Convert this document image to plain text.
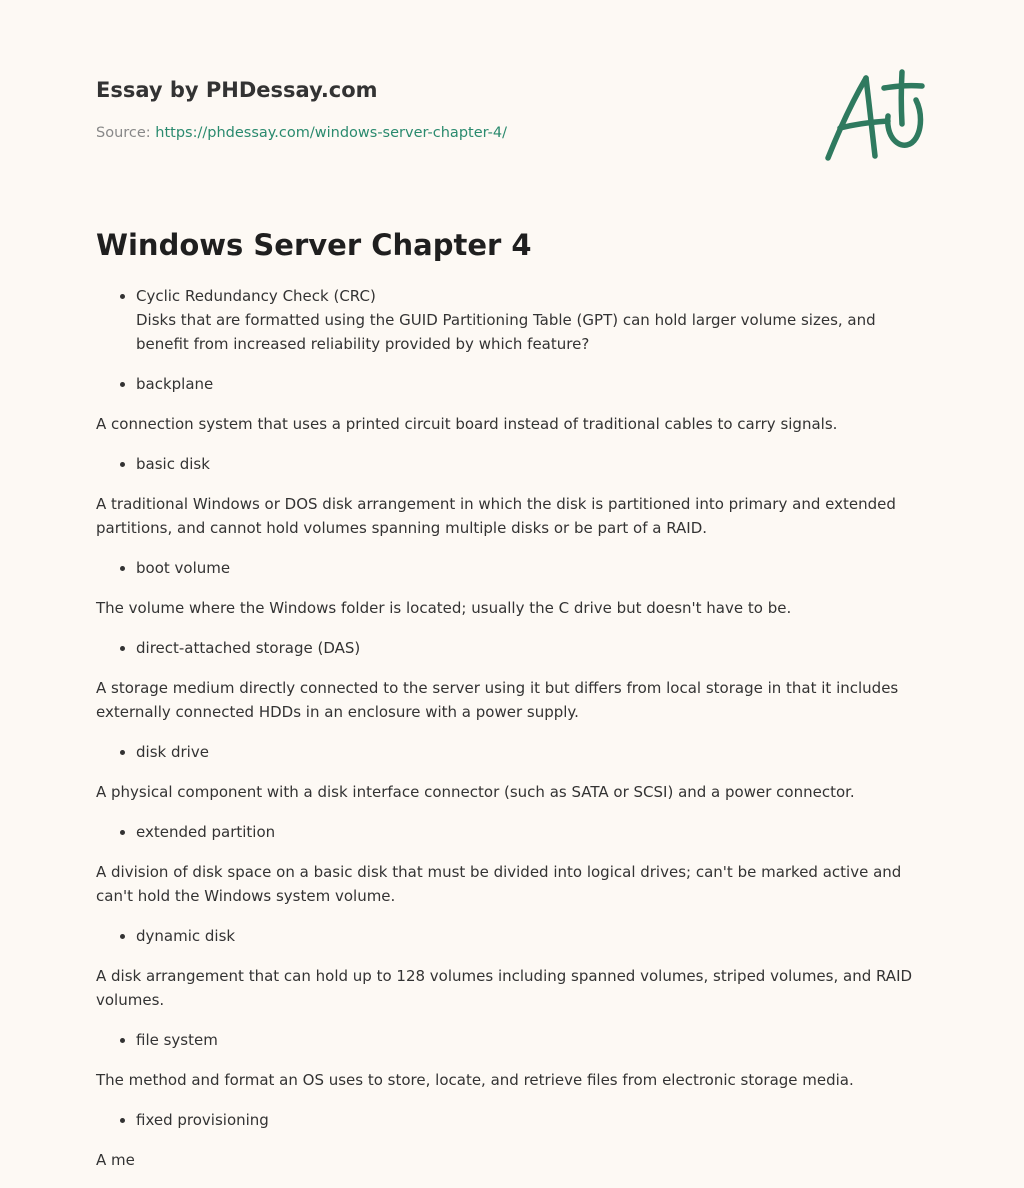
Essay by PHDessay.com
Source: https://phdessay.com/windows-server-chapter-4/
Windows Server Chapter 4
• Cyclic Redundancy Check (CRC)
Disks that are formatted using the GUID Partitioning Table (GPT) can hold larger volume sizes, and benefit from increased reliability provided by which feature?
• backplane

A connection system that uses a printed circuit board instead of traditional cables to carry signals.

• basic disk

A traditional Windows or DOS disk arrangement in which the disk is partitioned into primary and extended partitions, and cannot hold volumes spanning multiple disks or be part of a RAID.

• boot volume

The volume where the Windows folder is located; usually the C drive but doesn't have to be.

• direct-attached storage (DAS)

A storage medium directly connected to the server using it but differs from local storage in that it includes externally connected HDDs in an enclosure with a power supply.

• disk drive

A physical component with a disk interface connector (such as SATA or SCSI) and a power connector.

• extended partition

A division of disk space on a basic disk that must be divided into logical drives; can't be marked active and can't hold the Windows system volume.

• dynamic disk

A disk arrangement that can hold up to 128 volumes including spanned volumes, striped volumes, and RAID volumes.

• file system

The method and format an OS uses to store, locate, and retrieve files from electronic storage media.

• fixed provisioning

A me
